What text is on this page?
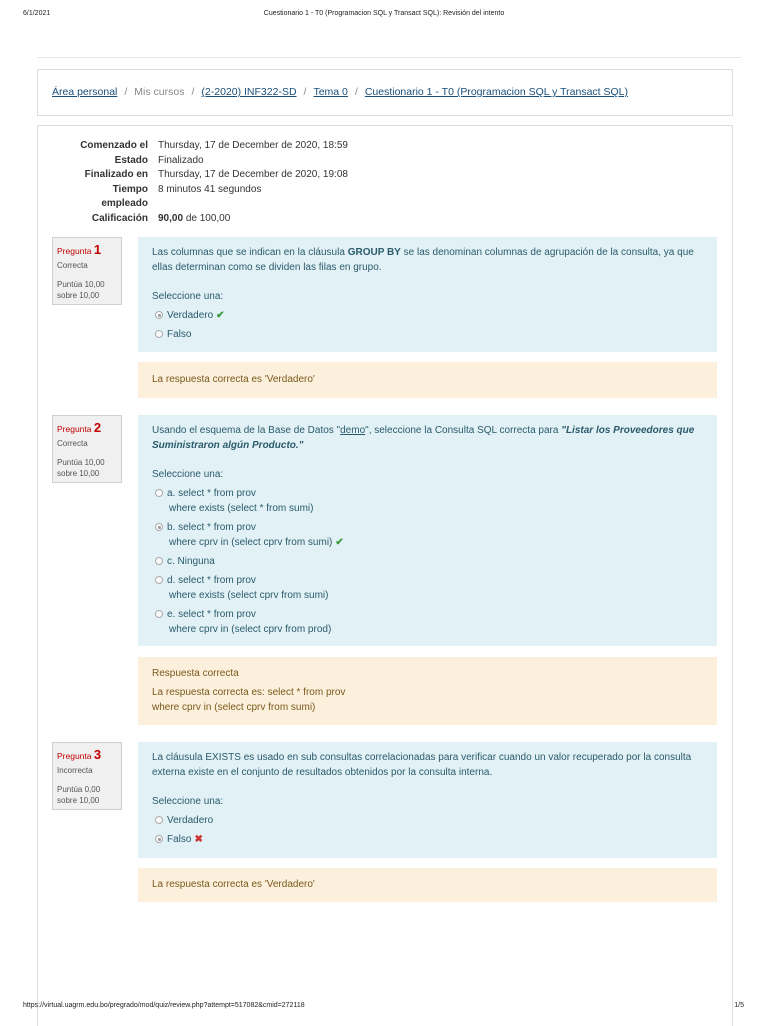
6/1/2021	Cuestionario 1 - T0 (Programacion SQL y Transact SQL): Revisión del intento
Área personal / Mis cursos / (2-2020) INF322-SD / Tema 0 / Cuestionario 1 - T0 (Programacion SQL y Transact SQL)
Comenzado el Thursday, 17 de December de 2020, 18:59
Estado Finalizado
Finalizado en Thursday, 17 de December de 2020, 19:08
Tiempo 8 minutos 41 segundos
empleado
Calificación 90,00 de 100,00
Pregunta 1
Correcta
Puntúa 10,00
sobre 10,00
Las columnas que se indican en la cláusula GROUP BY se las denominan columnas de agrupación de la consulta, ya que ellas determinan como se dividen las filas en grupo.
Seleccione una:
Verdadero ✔
Falso
La respuesta correcta es 'Verdadero'
Pregunta 2
Correcta
Puntúa 10,00
sobre 10,00
Usando el esquema de la Base de Datos "demo", seleccione la Consulta SQL correcta para "Listar los Proveedores que Suministraron algún Producto."
Seleccione una:
a. select * from prov
where exists (select * from sumi)
b. select * from prov
where cprv in (select cprv from sumi) ✔
c. Ninguna
d. select * from prov
where exists (select cprv from sumi)
e. select * from prov
where cprv in (select cprv from prod)
Respuesta correcta
La respuesta correcta es: select * from prov
where cprv in (select cprv from sumi)
Pregunta 3
Incorrecta
Puntúa 0,00
sobre 10,00
La cláusula EXISTS es usado en sub consultas correlacionadas para verificar cuando un valor recuperado por la consulta externa existe en el conjunto de resultados obtenidos por la consulta interna.
Seleccione una:
Verdadero
Falso ✖
La respuesta correcta es 'Verdadero'
https://virtual.uagrm.edu.bo/pregrado/mod/quiz/review.php?attempt=517082&cmid=272118	1/5
